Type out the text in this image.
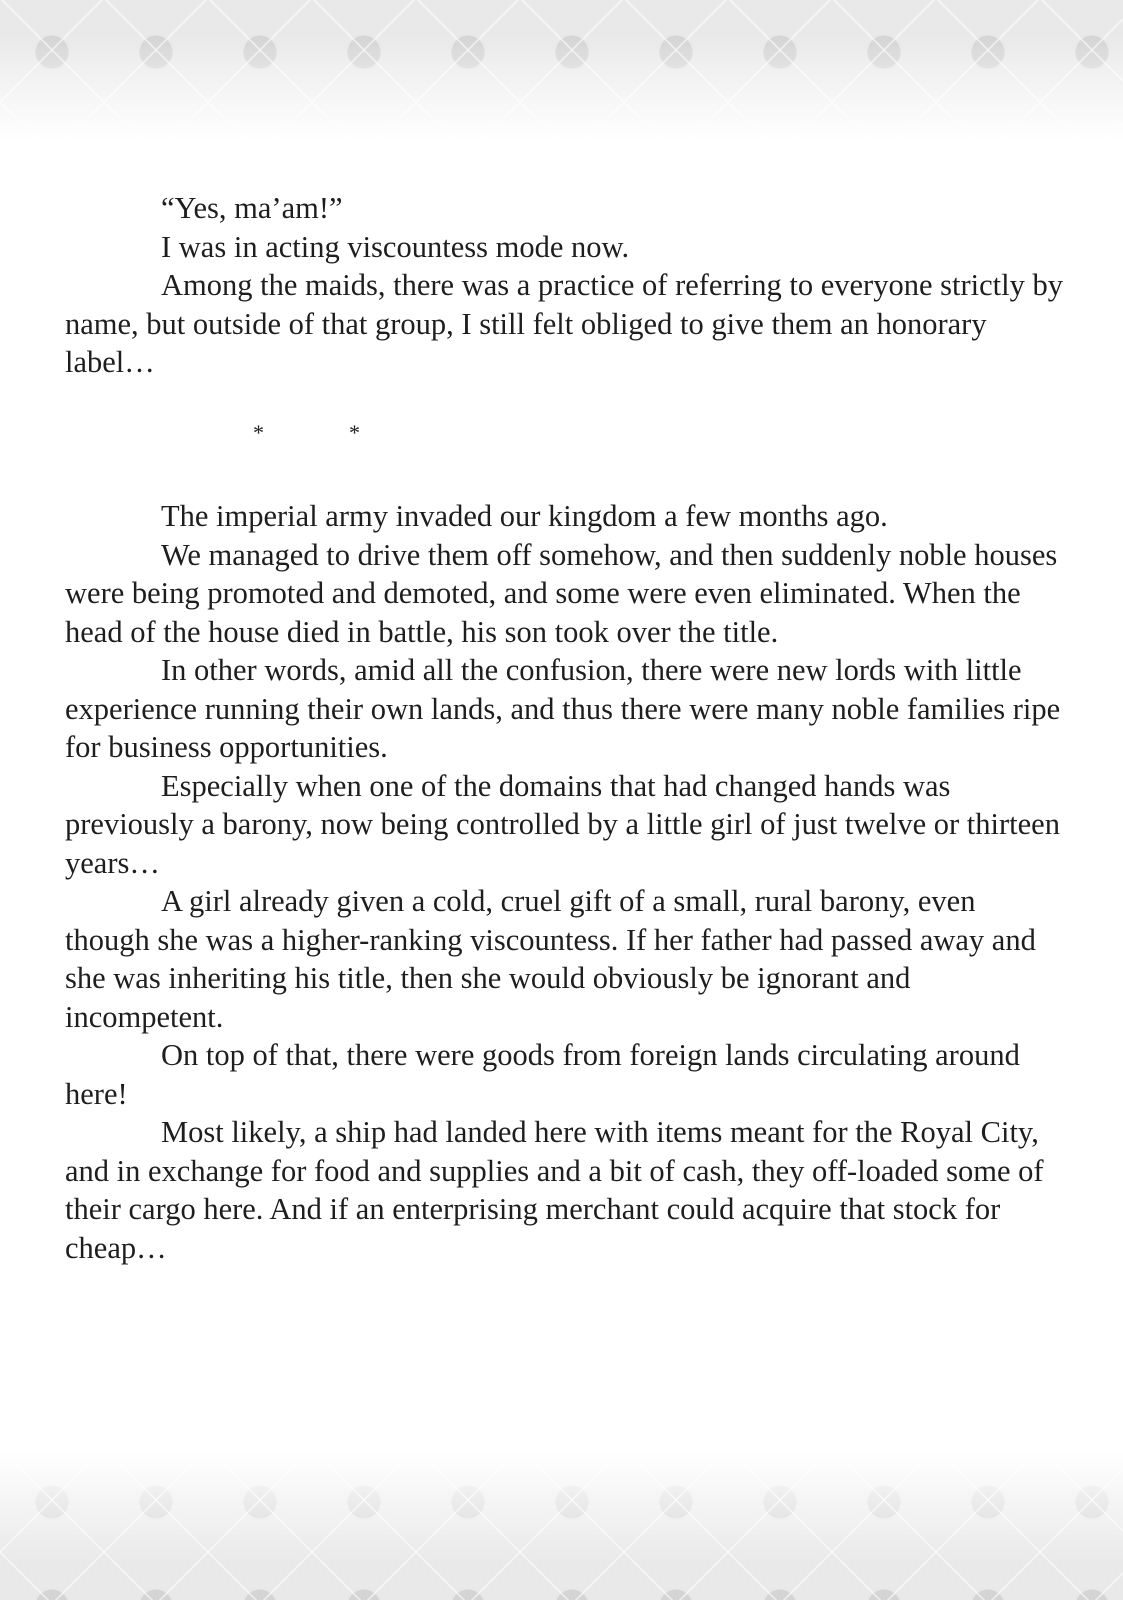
“Yes, ma’am!”

I was in acting viscountess mode now.

Among the maids, there was a practice of referring to everyone strictly by name, but outside of that group, I still felt obliged to give them an honorary label…

*	*

The imperial army invaded our kingdom a few months ago.

We managed to drive them off somehow, and then suddenly noble houses were being promoted and demoted, and some were even eliminated. When the head of the house died in battle, his son took over the title.

In other words, amid all the confusion, there were new lords with little experience running their own lands, and thus there were many noble families ripe for business opportunities.

Especially when one of the domains that had changed hands was previously a barony, now being controlled by a little girl of just twelve or thirteen years…

A girl already given a cold, cruel gift of a small, rural barony, even though she was a higher-ranking viscountess. If her father had passed away and she was inheriting his title, then she would obviously be ignorant and incompetent.

On top of that, there were goods from foreign lands circulating around here!

Most likely, a ship had landed here with items meant for the Royal City, and in exchange for food and supplies and a bit of cash, they off-loaded some of their cargo here. And if an enterprising merchant could acquire that stock for cheap…
